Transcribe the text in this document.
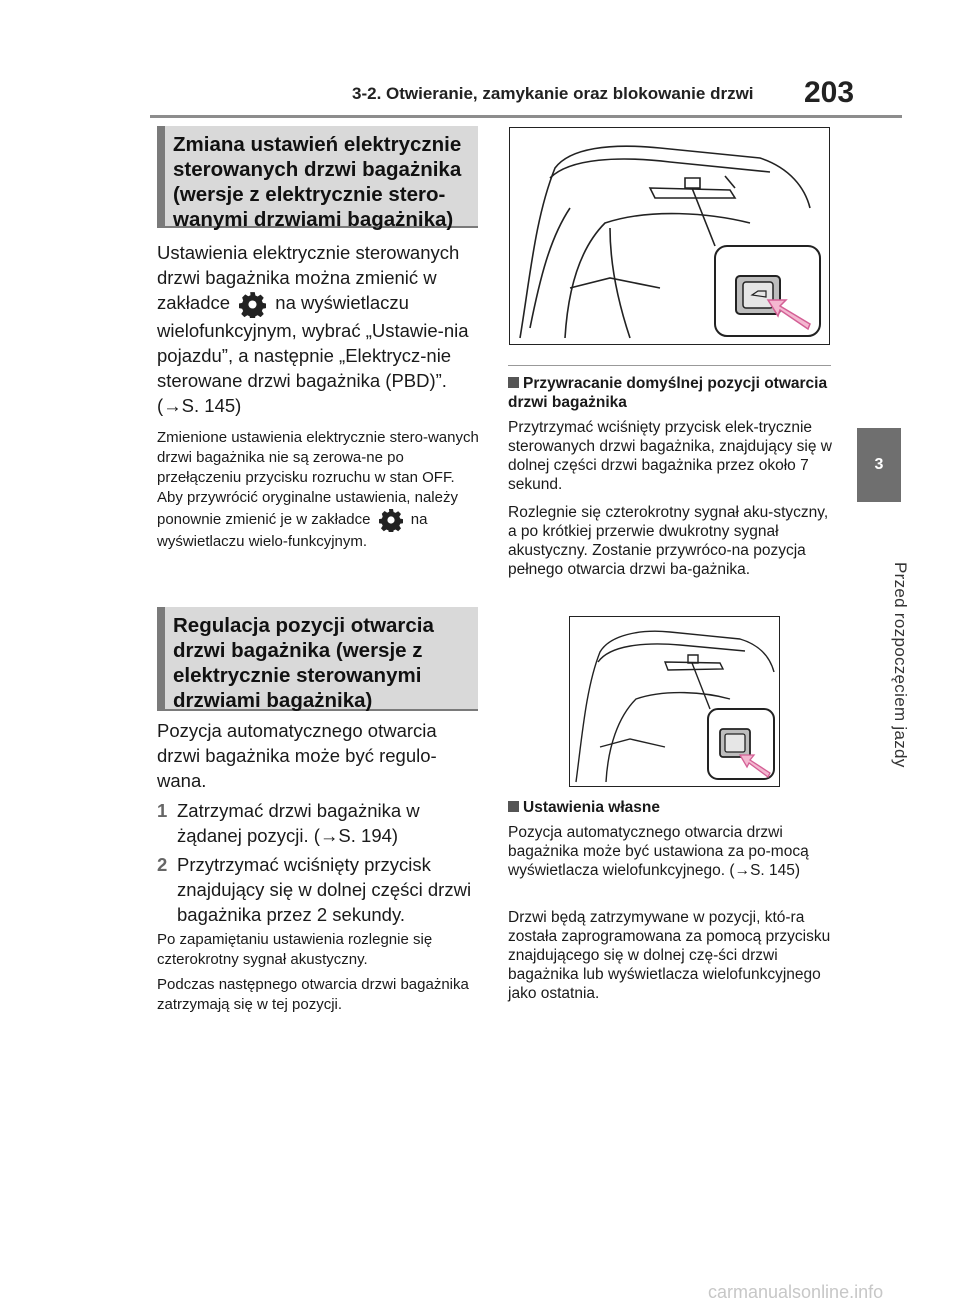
3-2. Otwieranie, zamykanie oraz blokowanie drzwi	203
3
Przed rozpoczęciem jazdy
Zmiana ustawień elektrycznie sterowanych drzwi bagażnika (wersje z elektrycznie stero-wanymi drzwiami bagażnika)
Ustawienia elektrycznie sterowanych drzwi bagażnika można zmienić w zakładce na wyświetlaczu wielofunkcyjnym, wybrać „Ustawie-nia pojazdu”, a następnie „Elektrycz-nie sterowane drzwi bagażnika (PBD)”. (→S. 145)
Zmienione ustawienia elektrycznie stero-wanych drzwi bagażnika nie są zerowa-ne po przełączeniu przycisku rozruchu w stan OFF. Aby przywrócić oryginalne ustawienia, należy ponownie zmienić je w zakładce	na wyświetlaczu wielo-funkcyjnym.
Regulacja pozycji otwarcia drzwi bagażnika (wersje z elektrycznie sterowanymi drzwiami bagażnika)
Pozycja automatycznego otwarcia drzwi bagażnika może być regulo-wana.
1 Zatrzymać drzwi bagażnika w żądanej pozycji. (→S. 194)
2 Przytrzymać wciśnięty przycisk znajdujący się w dolnej części drzwi bagażnika przez 2 sekundy.
Po zapamiętaniu ustawienia rozlegnie się czterokrotny sygnał akustyczny.
Podczas następnego otwarcia drzwi bagażnika zatrzymają się w tej pozycji.
Przywracanie domyślnej pozycji otwarcia drzwi bagażnika
Przytrzymać wciśnięty przycisk elek-trycznie sterowanych drzwi bagażnika, znajdujący się w dolnej części drzwi bagażnika przez około 7 sekund.
Rozlegnie się czterokrotny sygnał aku-styczny, a po krótkiej przerwie dwukrotny sygnał akustyczny. Zostanie przywróco-na pozycja pełnego otwarcia drzwi ba-gażnika.
Ustawienia własne
Pozycja automatycznego otwarcia drzwi bagażnika może być ustawiona za po-mocą wyświetlacza wielofunkcyjnego. (→S. 145)
Drzwi będą zatrzymywane w pozycji, któ-ra została zaprogramowana za pomocą przycisku znajdującego się w dolnej czę-ści drzwi bagażnika lub wyświetlacza wielofunkcyjnego jako ostatnia.
carmanualsonline.info
